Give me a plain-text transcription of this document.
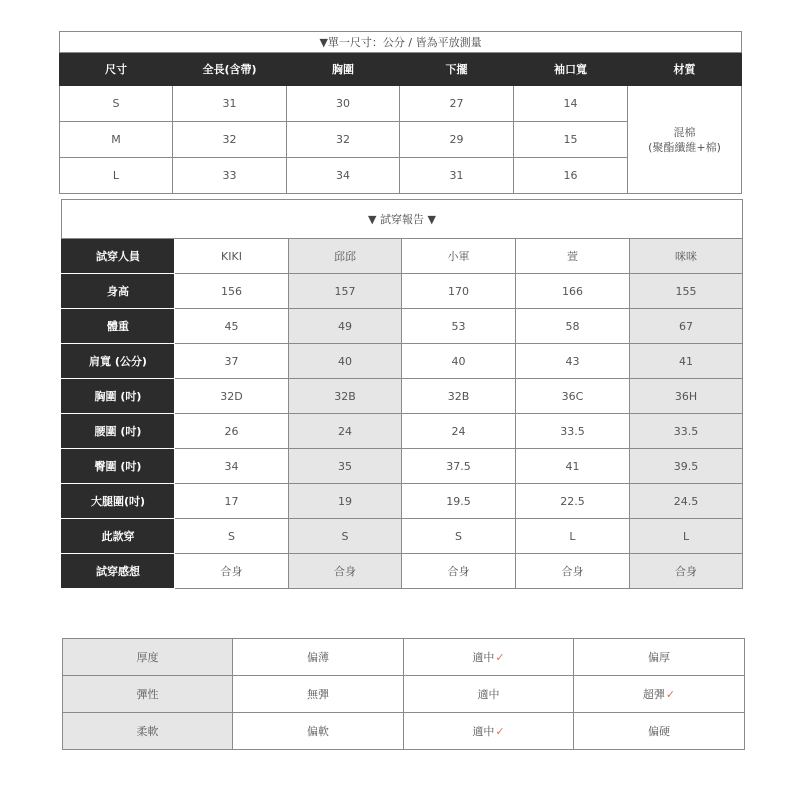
▼單一尺寸：公分 / 皆為平放測量					
尺寸	全長(含帶)	胸圍	下擺	袖口寬	材質
S	31	30	27	14	混棉
(聚酯纖維+棉)
M	32	32	29	15	
L	33	34	31	16	
▼ 試穿報告 ▼					
試穿人員	KIKI	邱邱	小軍	萱	咪咪
身高	156	157	170	166	155
體重	45	49	53	58	67
肩寬 (公分)	37	40	40	43	41
胸圍 (吋)	32D	32B	32B	36C	36H
腰圍 (吋)	26	24	24	33.5	33.5
臀圍 (吋)	34	35	37.5	41	39.5
大腿圍(吋)	17	19	19.5	22.5	24.5
此款穿	S	S	S	L	L
試穿感想	合身	合身	合身	合身	合身
厚度	偏薄	適中✓	偏厚
彈性	無彈	適中	超彈✓
柔軟	偏軟	適中✓	偏硬
